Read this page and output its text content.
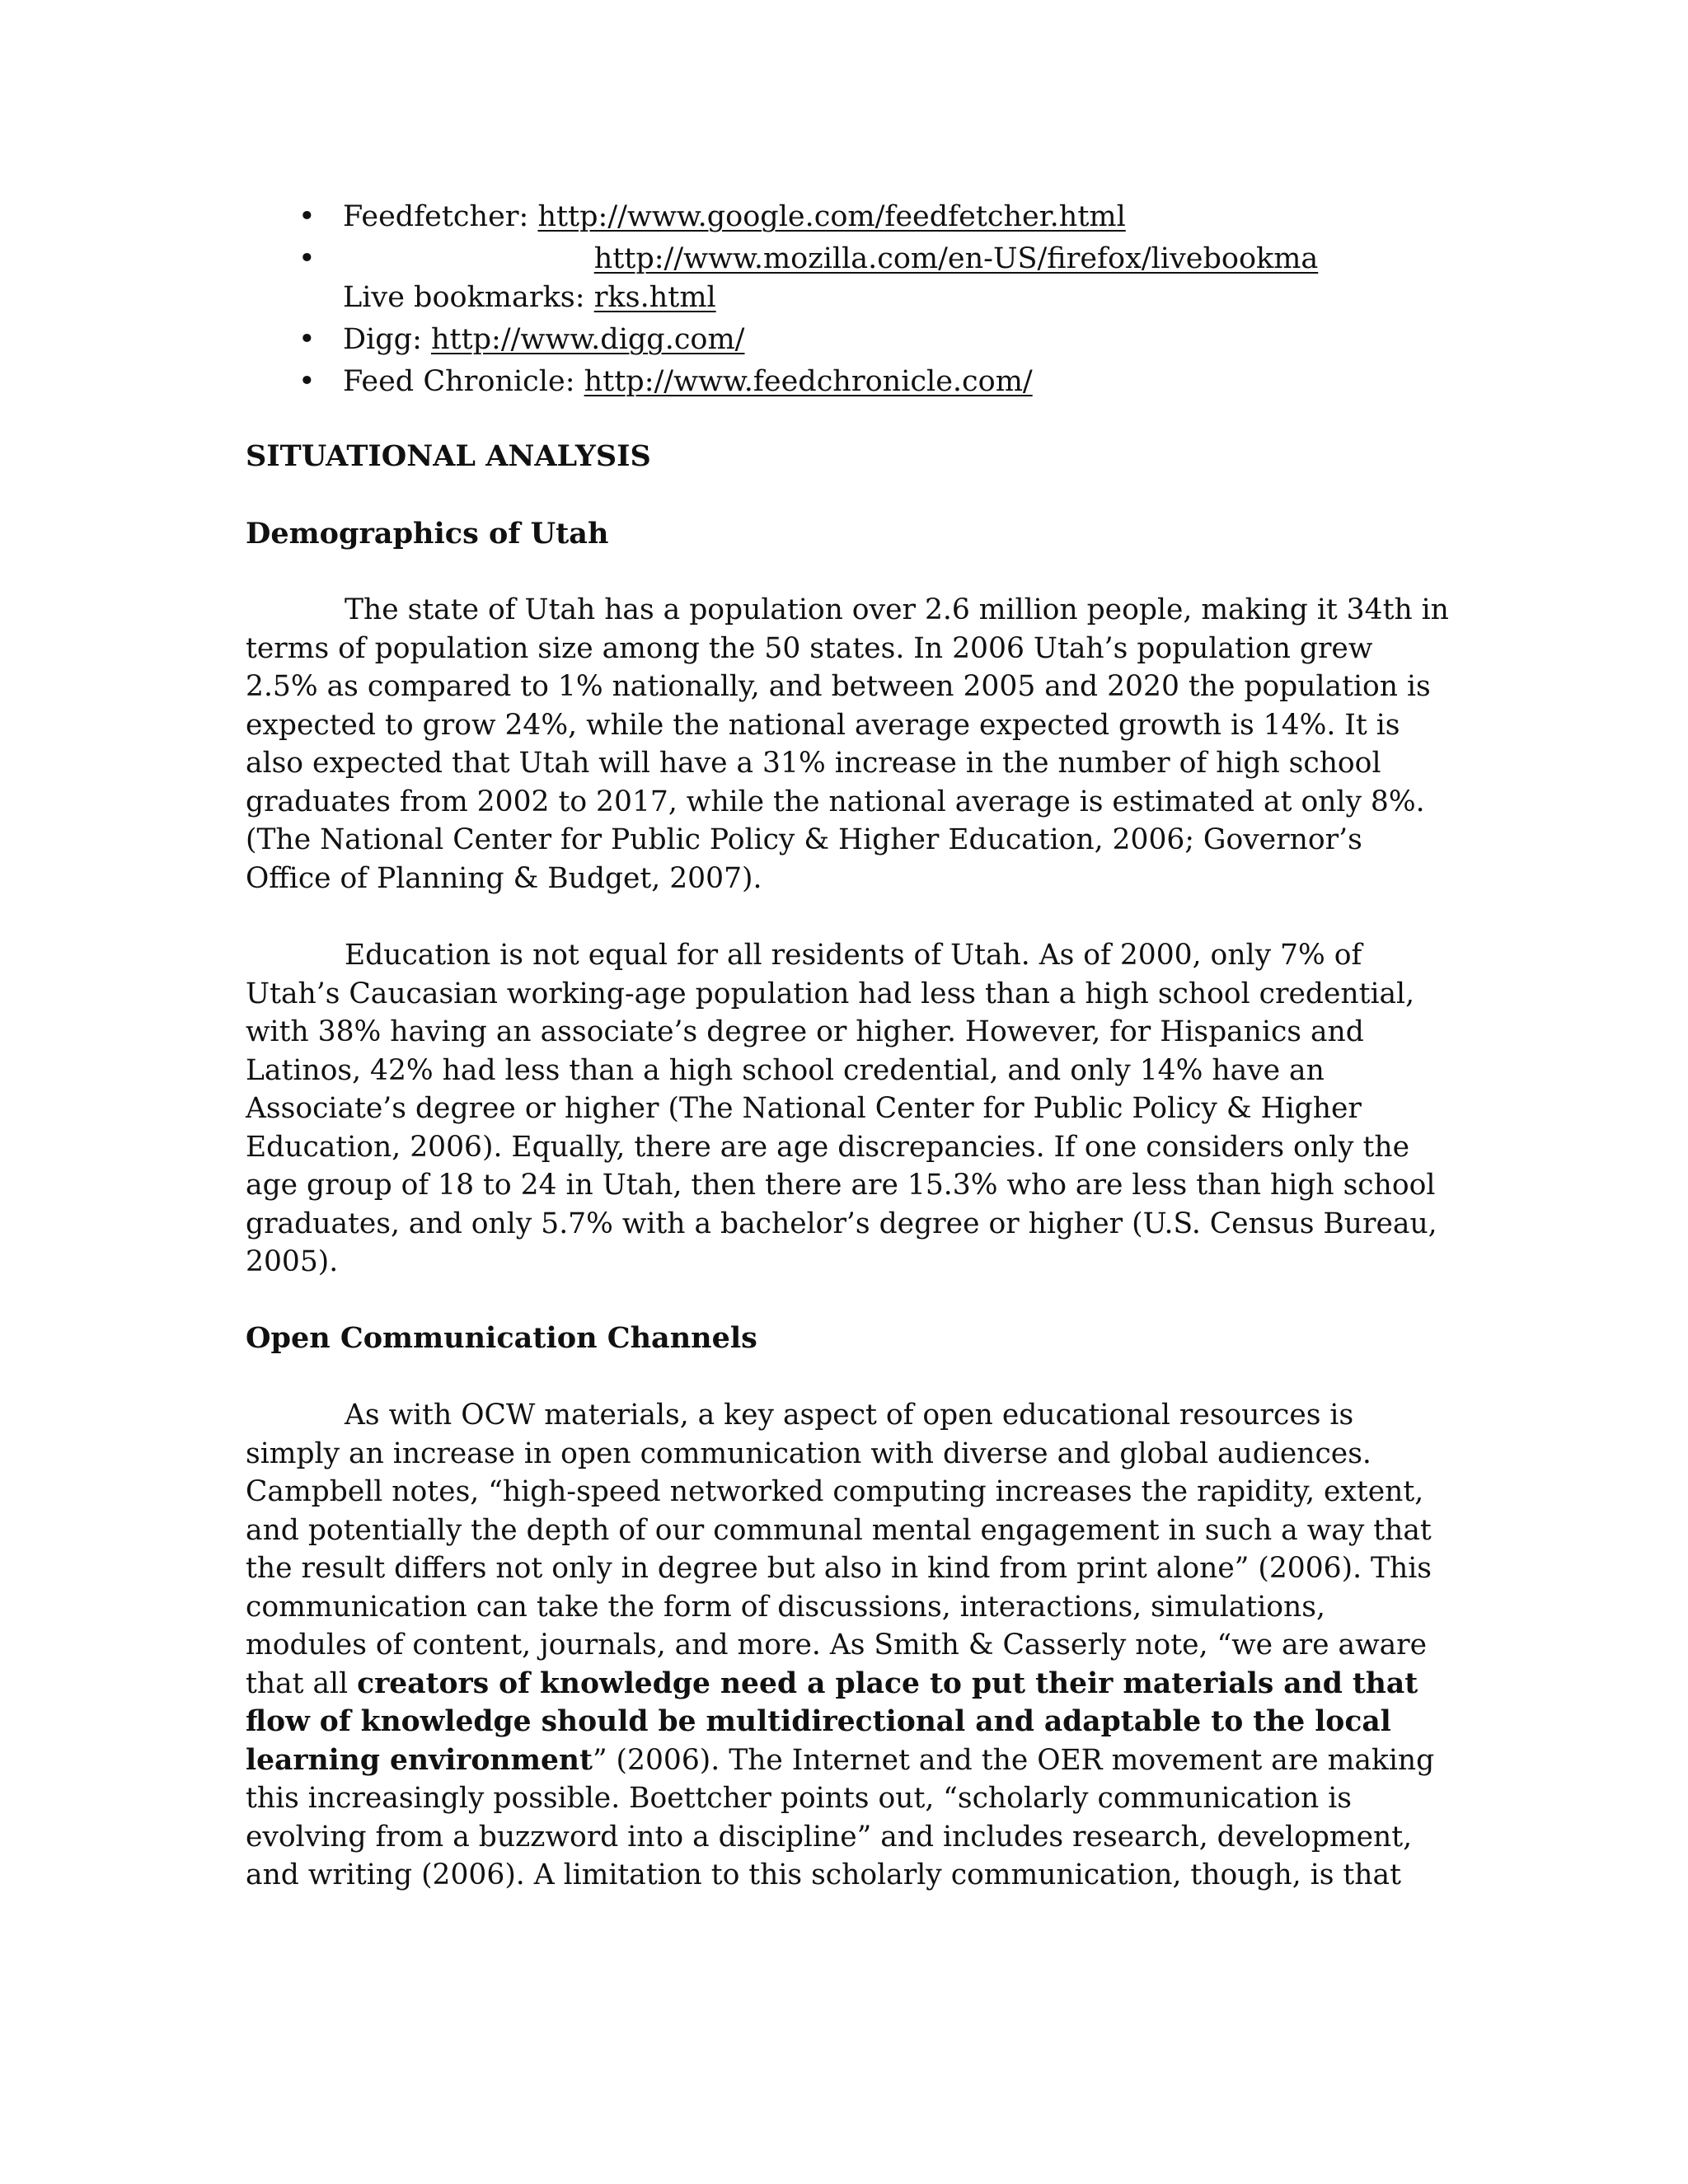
• Feedfetcher: http://www.google.com/feedfetcher.html
•
Live bookmarks: http://www.mozilla.com/en-US/firefox/livebookmarks.html
• Digg: http://www.digg.com/
• Feed Chronicle: http://www.feedchronicle.com/
SITUATIONAL ANALYSIS
Demographics of Utah

The state of Utah has a population over 2.6 million people, making it 34th in terms of population size among the 50 states. In 2006 Utah’s population grew 2.5% as compared to 1% nationally, and between 2005 and 2020 the population is expected to grow 24%, while the national average expected growth is 14%. It is also expected that Utah will have a 31% increase in the number of high school graduates from 2002 to 2017, while the national average is estimated at only 8%. (The National Center for Public Policy & Higher Education, 2006; Governor’s Office of Planning & Budget, 2007).

Education is not equal for all residents of Utah. As of 2000, only 7% of Utah’s Caucasian working-age population had less than a high school credential, with 38% having an associate’s degree or higher. However, for Hispanics and Latinos, 42% had less than a high school credential, and only 14% have an Associate’s degree or higher (The National Center for Public Policy & Higher Education, 2006). Equally, there are age discrepancies. If one considers only the age group of 18 to 24 in Utah, then there are 15.3% who are less than high school graduates, and only 5.7% with a bachelor’s degree or higher (U.S. Census Bureau, 2005).

Open Communication Channels

As with OCW materials, a key aspect of open educational resources is simply an increase in open communication with diverse and global audiences. Campbell notes, “high-speed networked computing increases the rapidity, extent, and potentially the depth of our communal mental engagement in such a way that the result differs not only in degree but also in kind from print alone” (2006). This communication can take the form of discussions, interactions, simulations, modules of content, journals, and more. As Smith & Casserly note, “we are aware that all creators of knowledge need a place to put their materials and that flow of knowledge should be multidirectional and adaptable to the local learning environment” (2006). The Internet and the OER movement are making this increasingly possible. Boettcher points out, “scholarly communication is evolving from a buzzword into a discipline” and includes research, development, and writing (2006). A limitation to this scholarly communication, though, is that
